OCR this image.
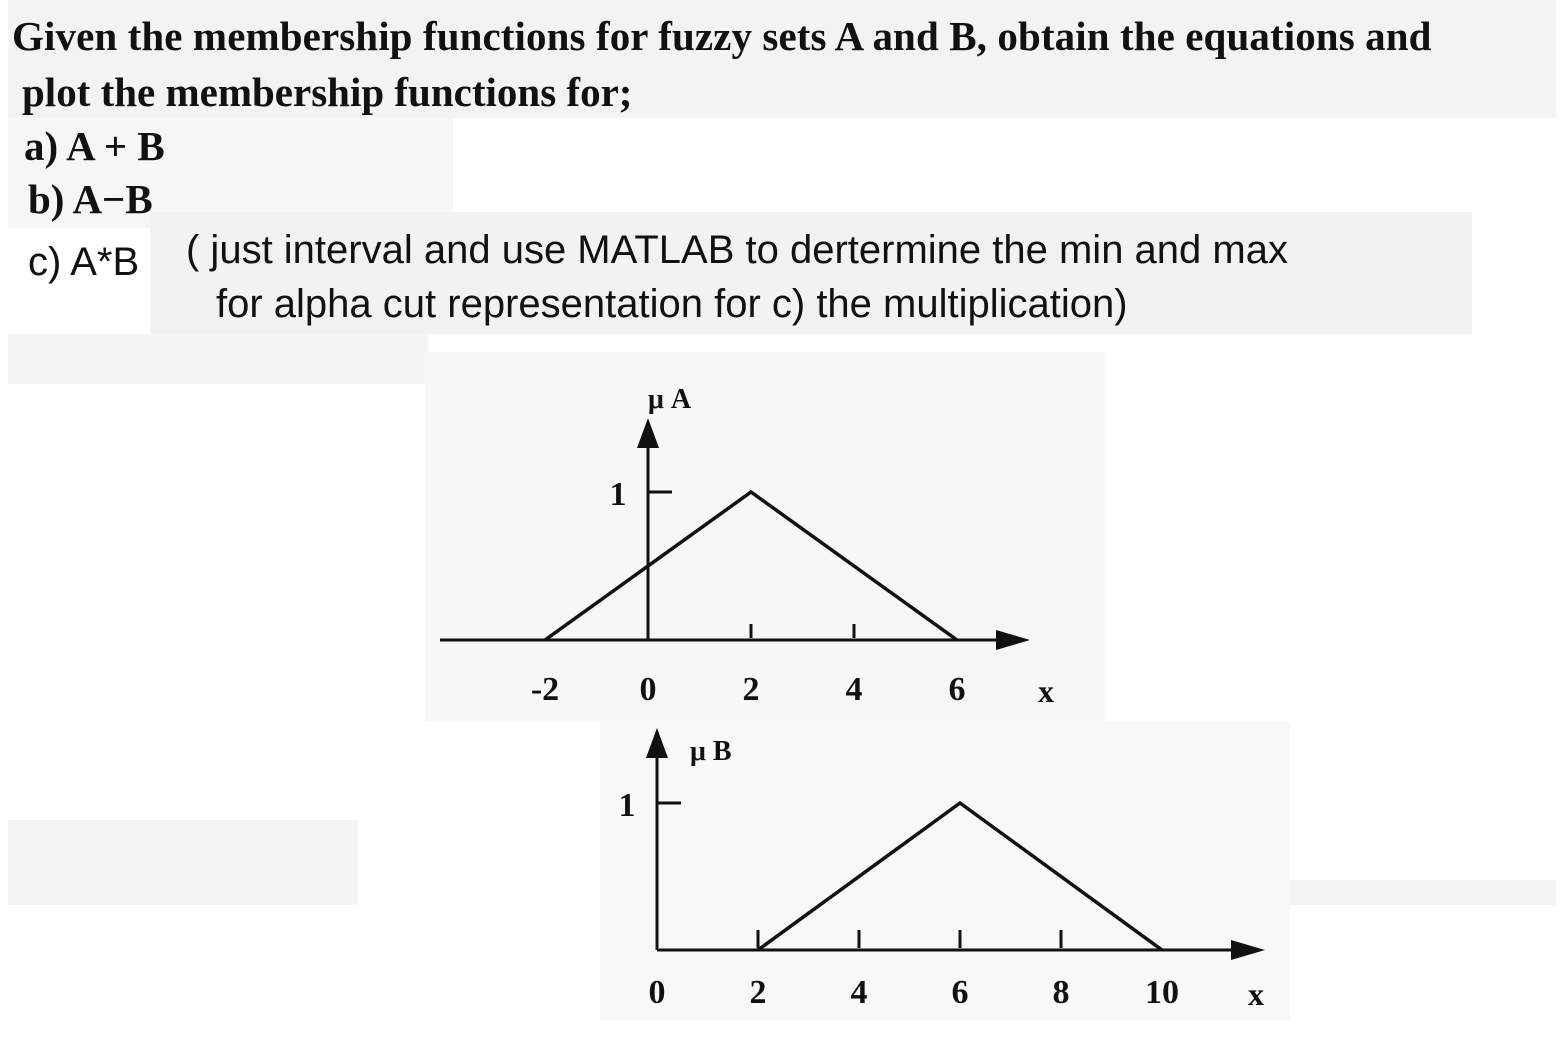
Given the membership functions for fuzzy sets A and B, obtain the equations and
plot the membership functions for;
a) A + B
b) A−B
c) A*B ( just interval and use MATLAB to dertermine the min and max
for alpha cut representation for c) the multiplication)
1
-2 0	2	4	6
μ A
x
1
0 2 4 6 8 10
μ B
x
